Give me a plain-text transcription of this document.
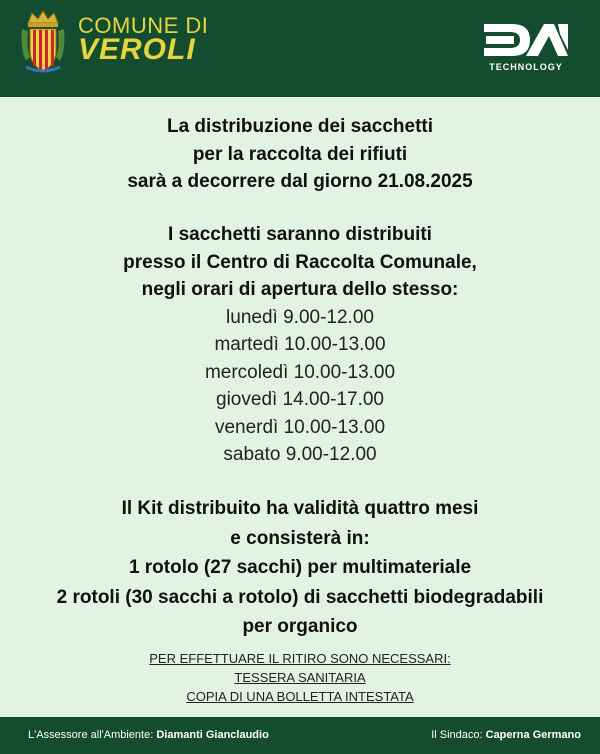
COMUNE DI
VEROLI
TECHNOLOGY
La distribuzione dei sacchetti
per la raccolta dei rifiuti
sarà a decorrere dal giorno 21.08.2025
I sacchetti saranno distribuiti
presso il Centro di Raccolta Comunale,
negli orari di apertura dello stesso:
lunedì 9.00-12.00
martedì 10.00-13.00
mercoledì 10.00-13.00
giovedì 14.00-17.00
venerdì 10.00-13.00
sabato 9.00-12.00
Il Kit distribuito ha validità quattro mesi
e consisterà in:
1 rotolo (27 sacchi) per multimateriale
2 rotoli (30 sacchi a rotolo) di sacchetti biodegradabili
per organico
PER EFFETTUARE IL RITIRO SONO NECESSARI:
TESSERA SANITARIA
COPIA DI UNA BOLLETTA INTESTATA
L'Assessore all'Ambiente: Diamanti Gianclaudio	Il Sindaco: Caperna Germano
